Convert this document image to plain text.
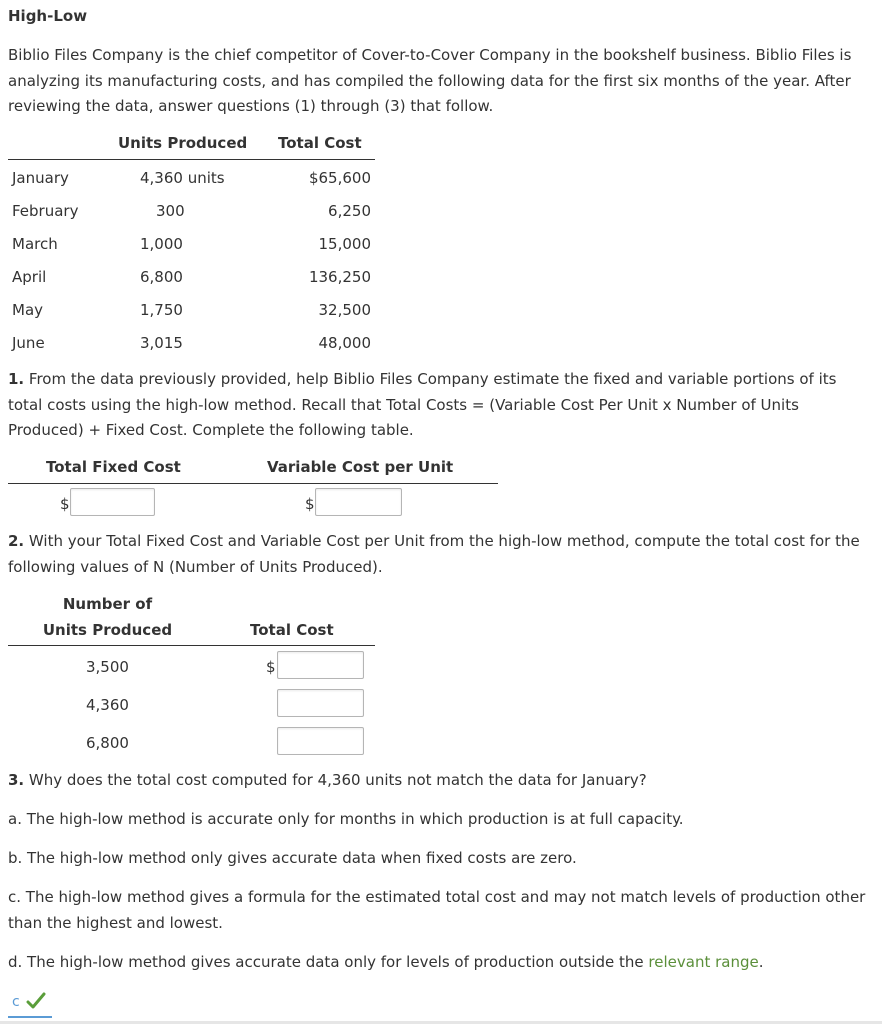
High-Low
Biblio Files Company is the chief competitor of Cover-to-Cover Company in the bookshelf business. Biblio Files is analyzing its manufacturing costs, and has compiled the following data for the first six months of the year. After reviewing the data, answer questions (1) through (3) that follow.
Units Produced Total Cost
January	4,360 units	$65,600
February	300	6,250
March	1,000	15,000
April	6,800	136,250
May	1,750	32,500
June	3,015	48,000
1. From the data previously provided, help Biblio Files Company estimate the fixed and variable portions of its total costs using the high-low method. Recall that Total Costs = (Variable Cost Per Unit x Number of Units Produced) + Fixed Cost. Complete the following table.
Total Fixed Cost	Variable Cost per Unit
$	$
2. With your Total Fixed Cost and Variable Cost per Unit from the high-low method, compute the total cost for the following values of N (Number of Units Produced).
Number of
Units Produced	Total Cost
3,500	$
4,360
6,800
3. Why does the total cost computed for 4,360 units not match the data for January?
a. The high-low method is accurate only for months in which production is at full capacity.
b. The high-low method only gives accurate data when fixed costs are zero.
c. The high-low method gives a formula for the estimated total cost and may not match levels of production other than the highest and lowest.
d. The high-low method gives accurate data only for levels of production outside the relevant range.
c
